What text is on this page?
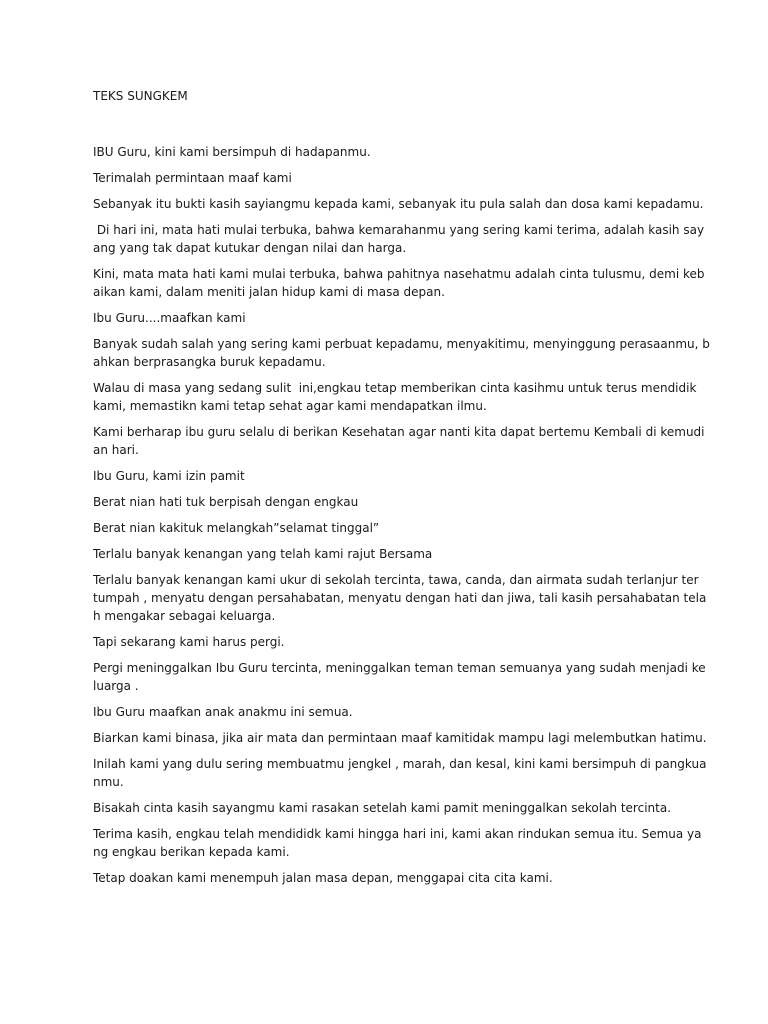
TEKS SUNGKEM

IBU Guru, kini kami bersimpuh di hadapanmu.

Terimalah permintaan maaf kami

Sebanyak itu bukti kasih sayiangmu kepada kami, sebanyak itu pula salah dan dosa kami kepadamu.

Di hari ini, mata hati mulai terbuka, bahwa kemarahanmu yang sering kami terima, adalah kasih say
ang yang tak dapat kutukar dengan nilai dan harga.

Kini, mata mata hati kami mulai terbuka, bahwa pahitnya nasehatmu adalah cinta tulusmu, demi keb
aikan kami, dalam meniti jalan hidup kami di masa depan.

Ibu Guru....maafkan kami

Banyak sudah salah yang sering kami perbuat kepadamu, menyakitimu, menyinggung perasaanmu, b
ahkan berprasangka buruk kepadamu.

Walau di masa yang sedang sulit  ini,engkau tetap memberikan cinta kasihmu untuk terus mendidik
kami, memastikn kami tetap sehat agar kami mendapatkan ilmu.

Kami berharap ibu guru selalu di berikan Kesehatan agar nanti kita dapat bertemu Kembali di kemudi
an hari.

Ibu Guru, kami izin pamit

Berat nian hati tuk berpisah dengan engkau

Berat nian kakituk melangkah”selamat tinggal”

Terlalu banyak kenangan yang telah kami rajut Bersama

Terlalu banyak kenangan kami ukur di sekolah tercinta, tawa, canda, dan airmata sudah terlanjur ter
tumpah , menyatu dengan persahabatan, menyatu dengan hati dan jiwa, tali kasih persahabatan tela
h mengakar sebagai keluarga.

Tapi sekarang kami harus pergi.

Pergi meninggalkan Ibu Guru tercinta, meninggalkan teman teman semuanya yang sudah menjadi ke
luarga .

Ibu Guru maafkan anak anakmu ini semua.

Biarkan kami binasa, jika air mata dan permintaan maaf kamitidak mampu lagi melembutkan hatimu.

Inilah kami yang dulu sering membuatmu jengkel , marah, dan kesal, kini kami bersimpuh di pangkua
nmu.

Bisakah cinta kasih sayangmu kami rasakan setelah kami pamit meninggalkan sekolah tercinta.

Terima kasih, engkau telah mendididk kami hingga hari ini, kami akan rindukan semua itu. Semua ya
ng engkau berikan kepada kami.

Tetap doakan kami menempuh jalan masa depan, menggapai cita cita kami.
